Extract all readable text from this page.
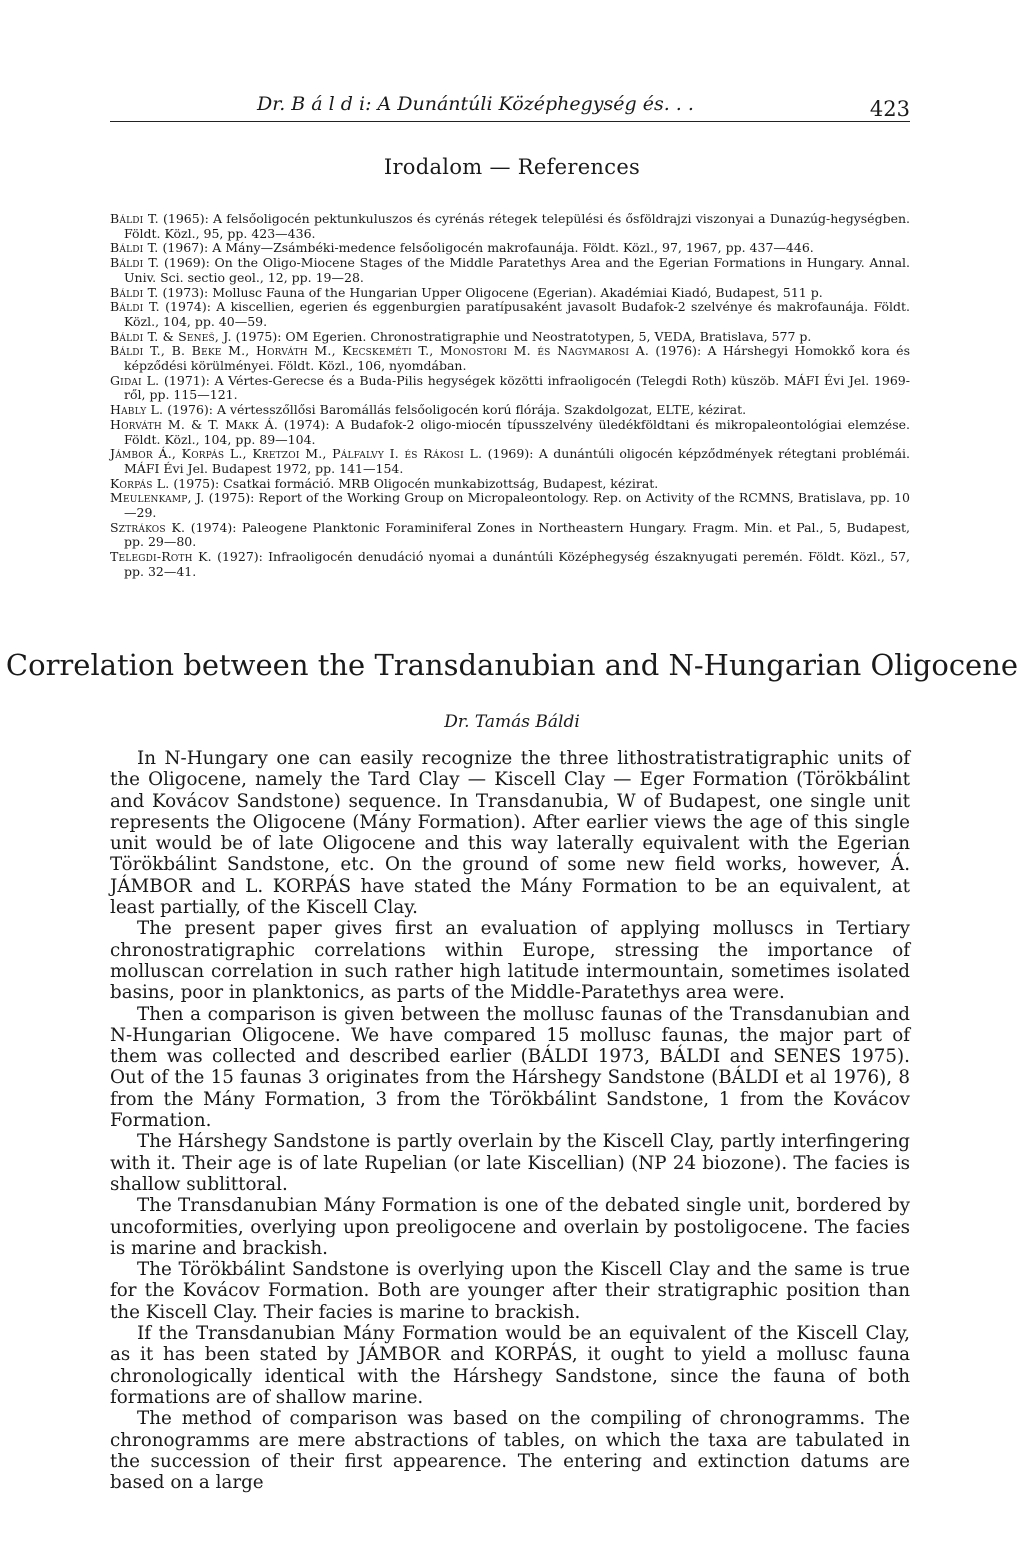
Dr. B á l d i: A Dunántúli Középhegység és. . .	423
Irodalom — References

Báldi T. (1965): A felsőoligocén pektunkuluszos és cyrénás rétegek települési és ősföldrajzi viszonyai a Dunazúg-hegységben. Földt. Közl., 95, pp. 423—436.

Báldi T. (1967): A Mány—Zsámbéki-medence felsőoligocén makrofaunája. Földt. Közl., 97, 1967, pp. 437—446.

Báldi T. (1969): On the Oligo-Miocene Stages of the Middle Paratethys Area and the Egerian Formations in Hungary. Annal. Univ. Sci. sectio geol., 12, pp. 19—28.

Báldi T. (1973): Mollusc Fauna of the Hungarian Upper Oligocene (Egerian). Akadémiai Kiadó, Budapest, 511 p.

Báldi T. (1974): A kiscellien, egerien és eggenburgien paratípusaként javasolt Budafok-2 szelvénye és makrofaunája. Földt. Közl., 104, pp. 40—59.

Báldi T. & Seneš, J. (1975): OM Egerien. Chronostratigraphie und Neostratotypen, 5, VEDA, Bratislava, 577 p.

Báldi T., B. Beke M., Horváth M., Kecskeméti T., Monostori M. és Nagymarosi A. (1976): A Hárshegyi Homokkő kora és képződési körülményei. Földt. Közl., 106, nyomdában.

Gidai L. (1971): A Vértes-Gerecse és a Buda-Pilis hegységek közötti infraoligocén (Telegdi Roth) küszöb. MÁFI Évi Jel. 1969-ről, pp. 115—121.

Hably L. (1976): A vértesszőllősi Baromállás felsőoligocén korú flórája. Szakdolgozat, ELTE, kézirat.

Horváth M. & T. Makk Á. (1974): A Budafok-2 oligo-miocén típusszelvény üledékföldtani és mikropaleontológiai elemzése. Földt. Közl., 104, pp. 89—104.

Jámbor Á., Korpás L., Kretzoi M., Pálfalvy I. és Rákosi L. (1969): A dunántúli oligocén képződmények rétegtani problémái. MÁFI Évi Jel. Budapest 1972, pp. 141—154.

Korpás L. (1975): Csatkai formáció. MRB Oligocén munkabizottság, Budapest, kézirat.

Meulenkamp, J. (1975): Report of the Working Group on Micropaleontology. Rep. on Activity of the RCMNS, Bratislava, pp. 10—29.

Sztrákos K. (1974): Paleogene Planktonic Foraminiferal Zones in Northeastern Hungary. Fragm. Min. et Pal., 5, Budapest, pp. 29—80.

Telegdi-Roth K. (1927): Infraoligocén denudáció nyomai a dunántúli Középhegység északnyugati peremén. Földt. Közl., 57, pp. 32—41.

Correlation between the Transdanubian and N-Hungarian Oligocene
Dr. Tamás Báldi

In N-Hungary one can easily recognize the three lithostratistratigraphic units of the Oligocene, namely the Tard Clay — Kiscell Clay — Eger Formation (Törökbálint and Kovácov Sandstone) sequence. In Transdanubia, W of Budapest, one single unit represents the Oligocene (Mány Formation). After earlier views the age of this single unit would be of late Oligocene and this way laterally equivalent with the Egerian Törökbálint Sandstone, etc. On the ground of some new field works, however, Á. JÁMBOR and L. KORPÁS have stated the Mány Formation to be an equivalent, at least partially, of the Kiscell Clay.

The present paper gives first an evaluation of applying molluscs in Tertiary chronostratigraphic correlations within Europe, stressing the importance of molluscan correlation in such rather high latitude intermountain, sometimes isolated basins, poor in planktonics, as parts of the Middle-Paratethys area were.

Then a comparison is given between the mollusc faunas of the Transdanubian and N-Hungarian Oligocene. We have compared 15 mollusc faunas, the major part of them was collected and described earlier (BÁLDI 1973, BÁLDI and SENES 1975). Out of the 15 faunas 3 originates from the Hárshegy Sandstone (BÁLDI et al 1976), 8 from the Mány Formation, 3 from the Törökbálint Sandstone, 1 from the Kovácov Formation.

The Hárshegy Sandstone is partly overlain by the Kiscell Clay, partly interfingering with it. Their age is of late Rupelian (or late Kiscellian) (NP 24 biozone). The facies is shallow sublittoral.

The Transdanubian Mány Formation is one of the debated single unit, bordered by uncoformities, overlying upon preoligocene and overlain by postoligocene. The facies is marine and brackish.

The Törökbálint Sandstone is overlying upon the Kiscell Clay and the same is true for the Kovácov Formation. Both are younger after their stratigraphic position than the Kiscell Clay. Their facies is marine to brackish.

If the Transdanubian Mány Formation would be an equivalent of the Kiscell Clay, as it has been stated by JÁMBOR and KORPÁS, it ought to yield a mollusc fauna chronologically identical with the Hárshegy Sandstone, since the fauna of both formations are of shallow marine.

The method of comparison was based on the compiling of chronogramms. The chronogramms are mere abstractions of tables, on which the taxa are tabulated in the succession of their first appearence. The entering and extinction datums are based on a large
